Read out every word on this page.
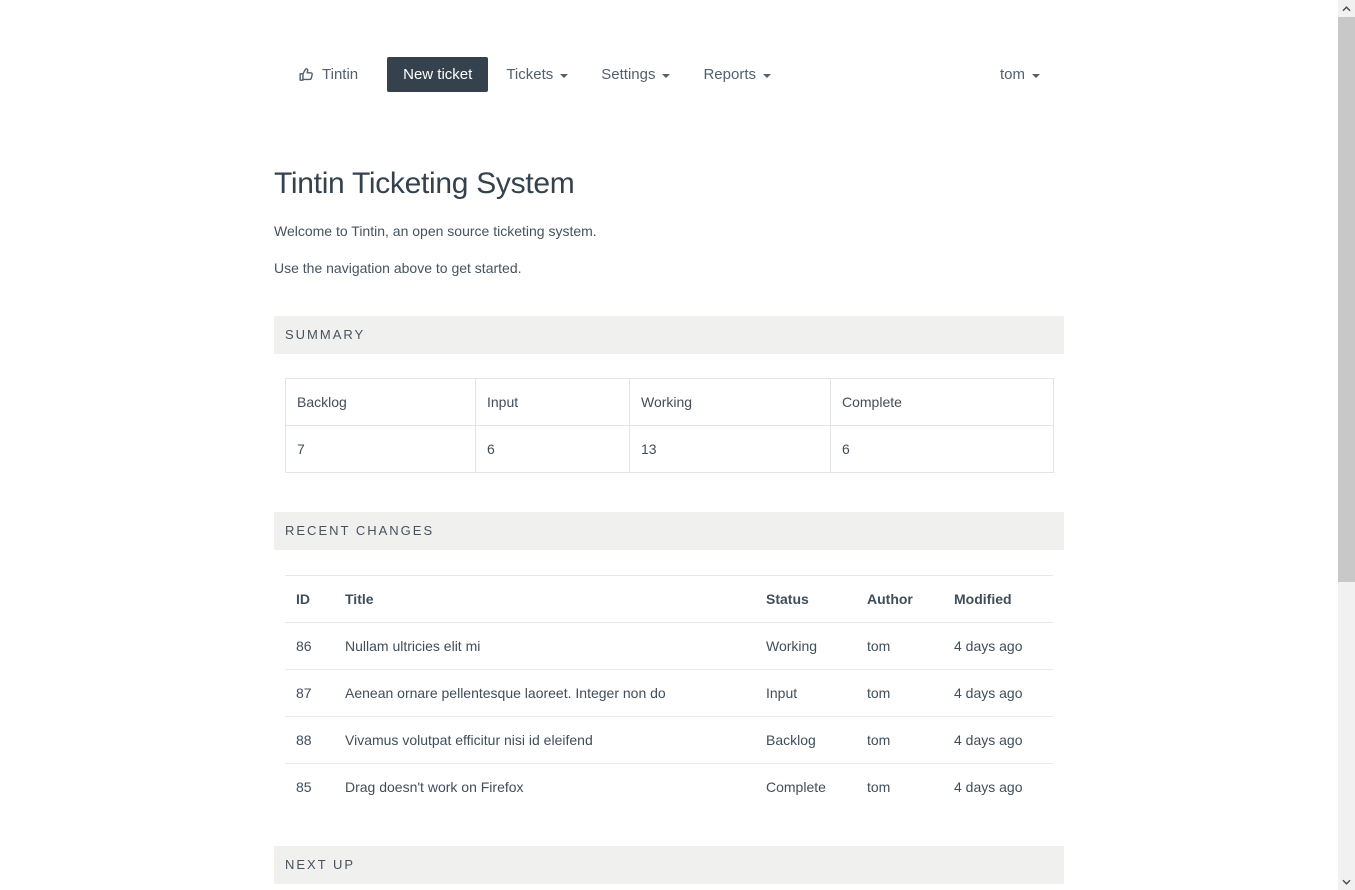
Tintin	New ticket	Tickets	Settings	Reports	tom
Tintin Ticketing System

Welcome to Tintin, an open source ticketing system.

Use the navigation above to get started.

SUMMARY
Backlog	Input	Working	Complete
7	6	13	6
RECENT CHANGES
ID	Title	Status	Author	Modified
86	Nullam ultricies elit mi	Working	tom	4 days ago
87	Aenean ornare pellentesque laoreet. Integer non do	Input	tom	4 days ago
88	Vivamus volutpat efficitur nisi id eleifend	Backlog	tom	4 days ago
85	Drag doesn't work on Firefox	Complete	tom	4 days ago
NEXT UP
